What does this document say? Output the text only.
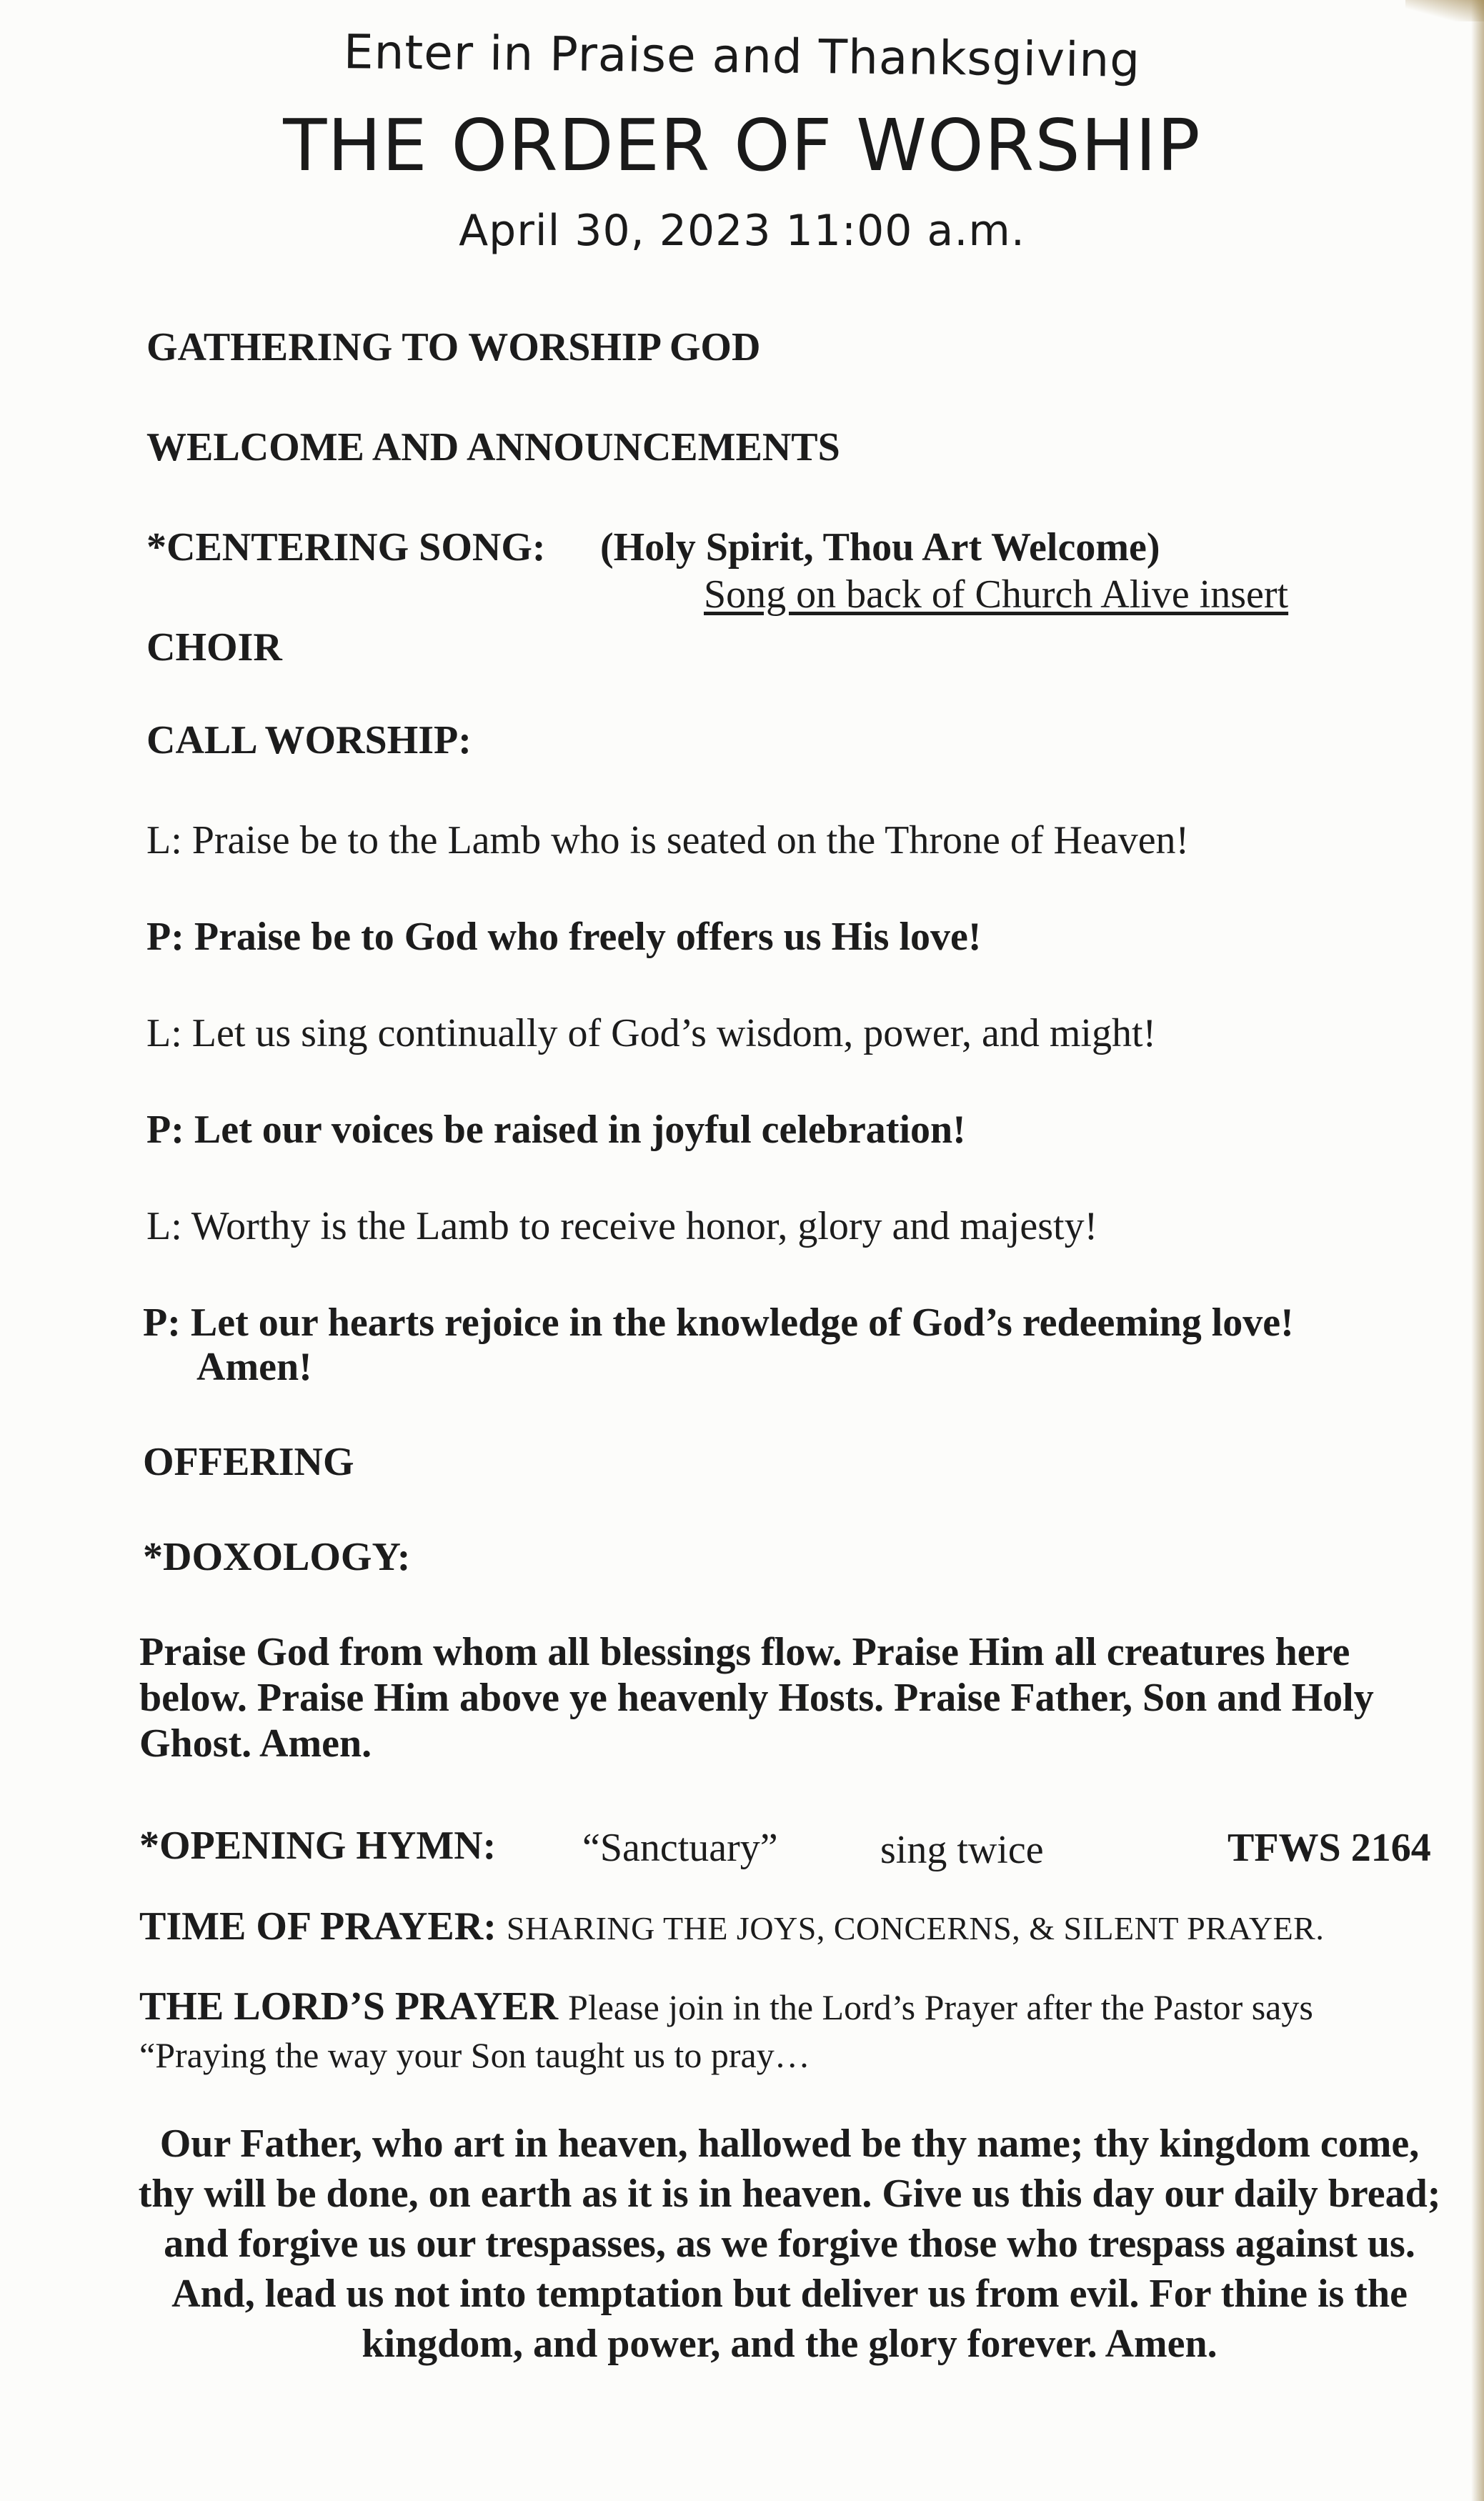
Enter in Praise and Thanksgiving
THE ORDER OF WORSHIP
April 30, 2023 11:00 a.m.
GATHERING TO WORSHIP GOD
WELCOME AND ANNOUNCEMENTS
*CENTERING SONG: (Holy Spirit, Thou Art Welcome)
Song on back of Church Alive insert
CHOIR
CALL WORSHIP:
L: Praise be to the Lamb who is seated on the Throne of Heaven!
P: Praise be to God who freely offers us His love!
L: Let us sing continually of God’s wisdom, power, and might!
P: Let our voices be raised in joyful celebration!
L: Worthy is the Lamb to receive honor, glory and majesty!
P: Let our hearts rejoice in the knowledge of God’s redeeming love!
Amen!
OFFERING
*DOXOLOGY:
Praise God from whom all blessings flow. Praise Him all creatures here below. Praise Him above ye heavenly Hosts. Praise Father, Son and Holy Ghost. Amen.
*OPENING HYMN: “Sanctuary”	sing twice	TFWS 2164
TIME OF PRAYER: SHARING THE JOYS, CONCERNS, & SILENT PRAYER.
THE LORD’S PRAYER Please join in the Lord’s Prayer after the Pastor says
“Praying the way your Son taught us to pray…
Our Father, who art in heaven, hallowed be thy name; thy kingdom come, thy will be done, on earth as it is in heaven. Give us this day our daily bread; and forgive us our trespasses, as we forgive those who trespass against us. And, lead us not into temptation but deliver us from evil. For thine is the kingdom, and power, and the glory forever. Amen.
